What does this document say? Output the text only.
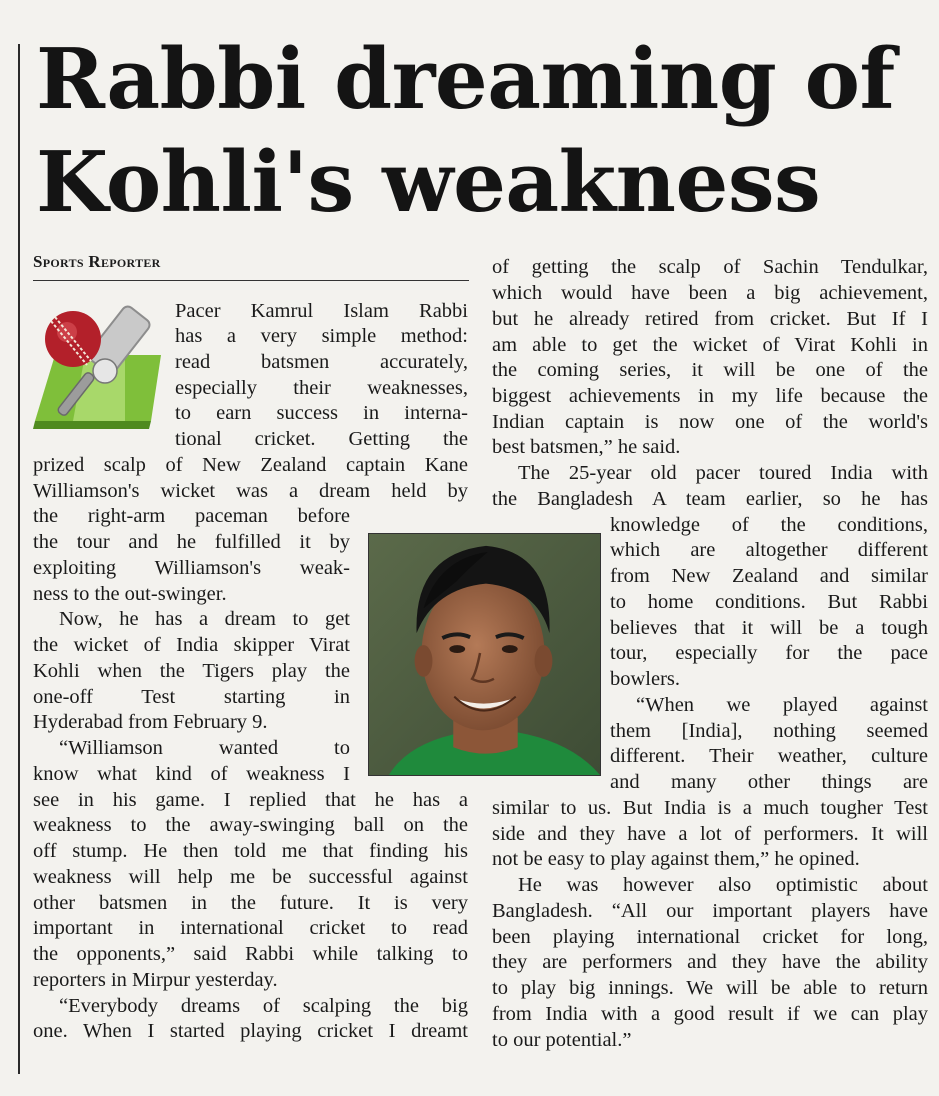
Rabbi dreaming of
Kohli's weakness
Sports Reporter
Pacer Kamrul Islam Rabbi
has a very simple method:
read batsmen accurately,
especially their weaknesses,
to earn success in interna-
tional cricket. Getting the
prized scalp of New Zealand captain Kane
Williamson's wicket was a dream held by
the right-arm paceman before
the tour and he fulfilled it by
exploiting Williamson's weak-
ness to the out-swinger.
Now, he has a dream to get
the wicket of India skipper Virat
Kohli when the Tigers play the
one-off Test starting in
Hyderabad from February 9.
“Williamson wanted to
know what kind of weakness I
see in his game. I replied that he has a
weakness to the away-swinging ball on the
off stump. He then told me that finding his
weakness will help me be successful against
other batsmen in the future. It is very
important in international cricket to read
the opponents,” said Rabbi while talking to
reporters in Mirpur yesterday.
“Everybody dreams of scalping the big
one. When I started playing cricket I dreamt
of getting the scalp of Sachin Tendulkar,
which would have been a big achievement,
but he already retired from cricket. But If I
am able to get the wicket of Virat Kohli in
the coming series, it will be one of the
biggest achievements in my life because the
Indian captain is now one of the world's
best batsmen,” he said.
The 25-year old pacer toured India with
the Bangladesh A team earlier, so he has
knowledge of the conditions,
which are altogether different
from New Zealand and similar
to home conditions. But Rabbi
believes that it will be a tough
tour, especially for the pace
bowlers.
“When we played against
them [India], nothing seemed
different. Their weather, culture
and many other things are
similar to us. But India is a much tougher Test
side and they have a lot of performers. It will
not be easy to play against them,” he opined.
He was however also optimistic about
Bangladesh. “All our important players have
been playing international cricket for long,
they are performers and they have the ability
to play big innings. We will be able to return
from India with a good result if we can play
to our potential.”
